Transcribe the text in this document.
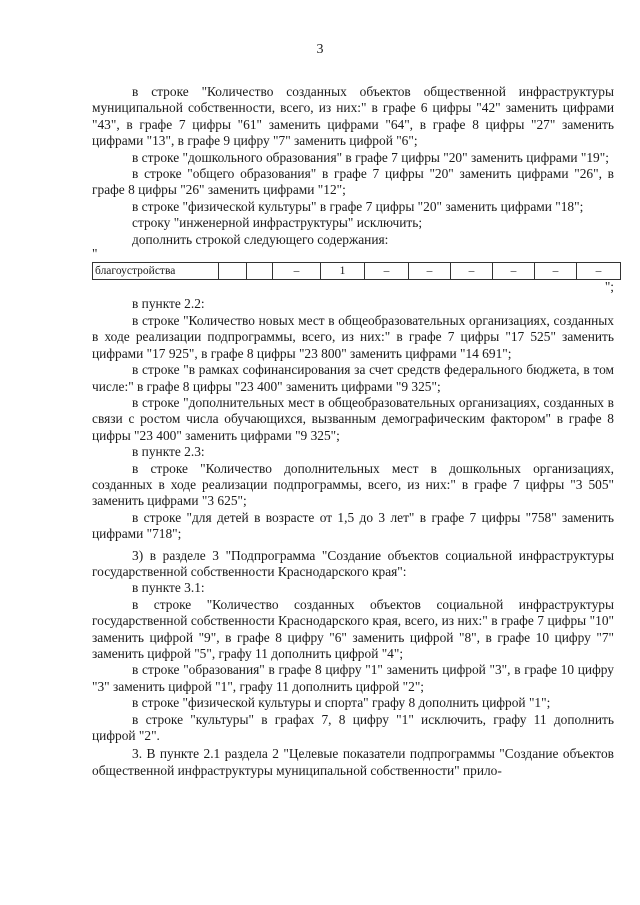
3

в строке "Количество созданных объектов общественной инфраструктуры муниципальной собственности, всего, из них:" в графе 6 цифры "42" заменить цифрами "43", в графе 7 цифры "61" заменить цифрами "64", в графе 8 цифры "27" заменить цифрами "13", в графе 9 цифру "7" заменить цифрой "6";

в строке "дошкольного образования" в графе 7 цифры "20" заменить цифрами "19";

в строке "общего образования" в графе 7 цифры "20" заменить цифрами "26", в графе 8 цифры "26" заменить цифрами "12";

в строке "физической культуры" в графе 7 цифры "20" заменить цифрами "18";

строку "инженерной инфраструктуры" исключить;

дополнить строкой следующего содержания:

"

благоустройства			–	1	–	–	–	–	–	–

";

в пункте 2.2:

в строке "Количество новых мест в общеобразовательных организациях, созданных в ходе реализации подпрограммы, всего, из них:" в графе 7 цифры "17 525" заменить цифрами "17 925", в графе 8 цифры "23 800" заменить цифрами "14 691";

в строке "в рамках софинансирования за счет средств федерального бюджета, в том числе:" в графе 8 цифры "23 400" заменить цифрами "9 325";

в строке "дополнительных мест в общеобразовательных организациях, созданных в связи с ростом числа обучающихся, вызванным демографическим фактором" в графе 8 цифры "23 400" заменить цифрами "9 325";

в пункте 2.3:

в строке "Количество дополнительных мест в дошкольных организациях, созданных в ходе реализации подпрограммы, всего, из них:" в графе 7 цифры "3 505" заменить цифрами "3 625";

в строке "для детей в возрасте от 1,5 до 3 лет" в графе 7 цифры "758" заменить цифрами "718";

3) в разделе 3 "Подпрограмма "Создание объектов социальной инфраструктуры государственной собственности Краснодарского края":

в пункте 3.1:

в строке "Количество созданных объектов социальной инфраструктуры государственной собственности Краснодарского края, всего, из них:" в графе 7 цифры "10" заменить цифрой "9", в графе 8 цифру "6" заменить цифрой "8", в графе 10 цифру "7" заменить цифрой "5", графу 11 дополнить цифрой "4";

в строке "образования" в графе 8 цифру "1" заменить цифрой "3", в графе 10 цифру "3" заменить цифрой "1", графу 11 дополнить цифрой "2";

в строке "физической культуры и спорта" графу 8 дополнить цифрой "1";

в строке "культуры" в графах 7, 8 цифру "1" исключить, графу 11 дополнить цифрой "2".

3. В пункте 2.1 раздела 2 "Целевые показатели подпрограммы "Создание объектов общественной инфраструктуры муниципальной собственности" прило-
